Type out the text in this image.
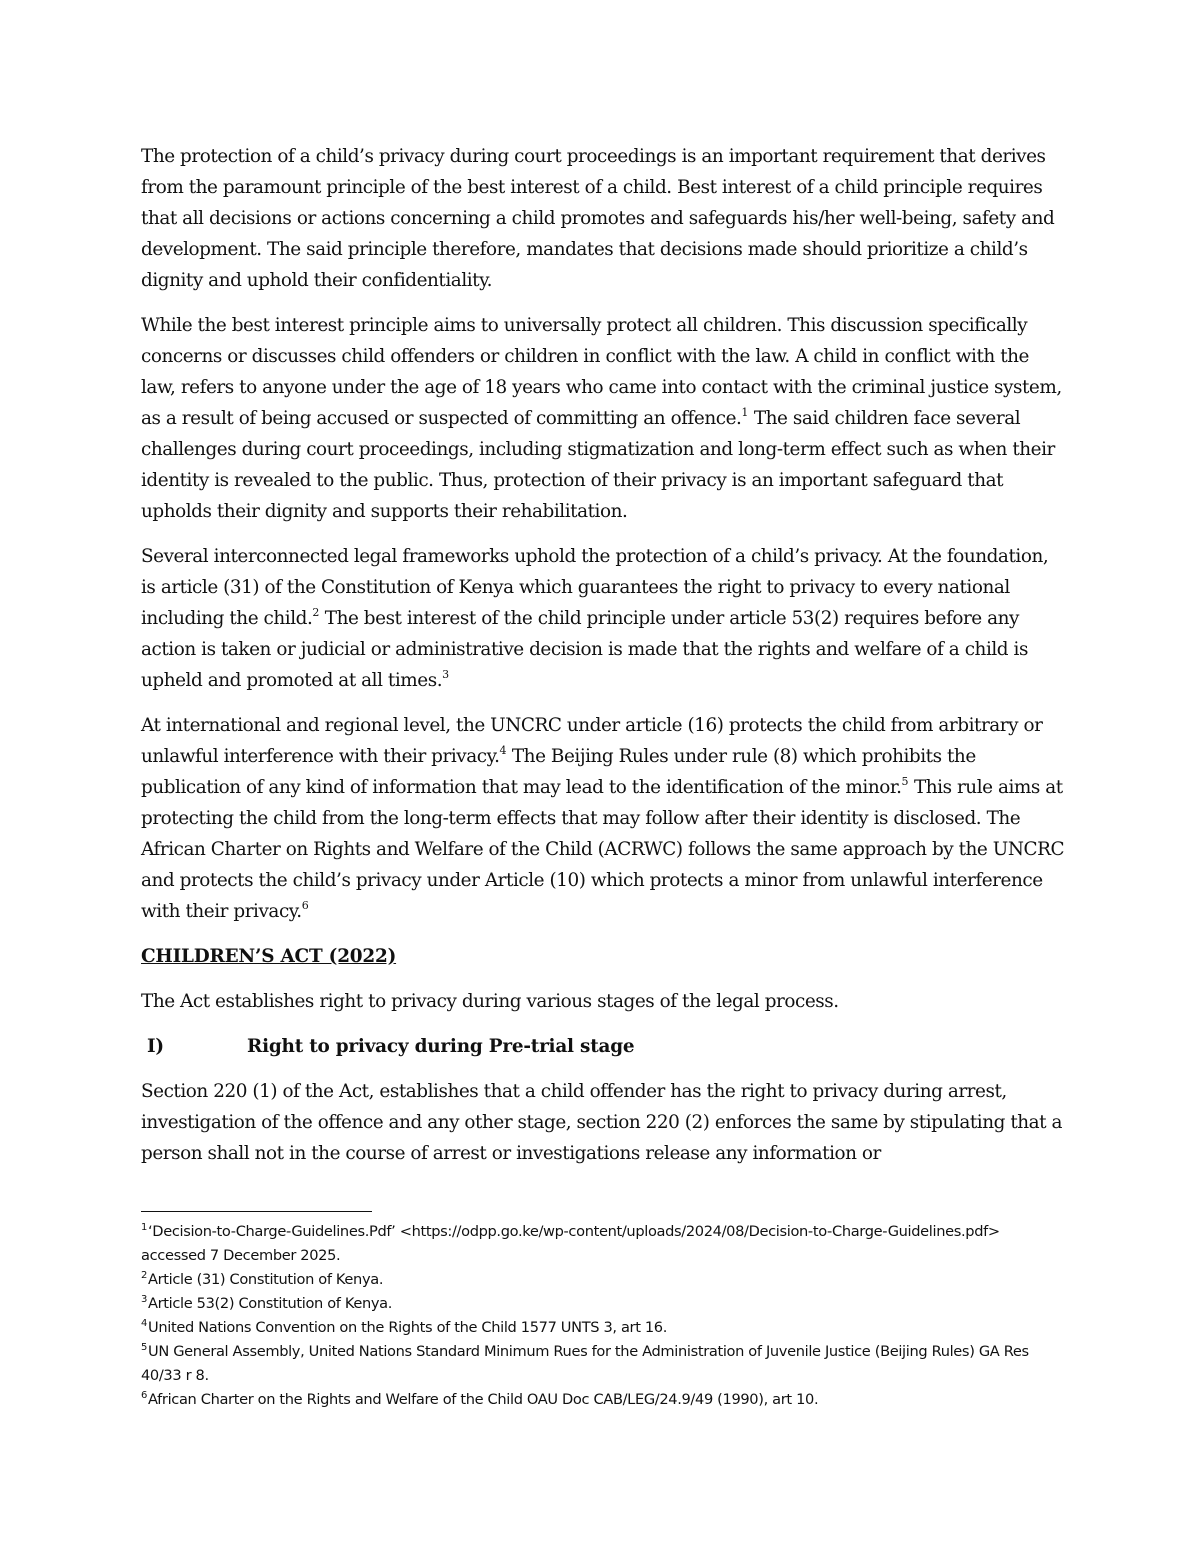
The protection of a child’s privacy during court proceedings is an important requirement that derives from the paramount principle of the best interest of a child. Best interest of a child principle requires that all decisions or actions concerning a child promotes and safeguards his/her well-being, safety and development. The said principle therefore, mandates that decisions made should prioritize a child’s dignity and uphold their confidentiality.

While the best interest principle aims to universally protect all children. This discussion specifically concerns or discusses child offenders or children in conflict with the law. A child in conflict with the law, refers to anyone under the age of 18 years who came into contact with the criminal justice system, as a result of being accused or suspected of committing an offence.$^1$ The said children face several challenges during court proceedings, including stigmatization and long-term effect such as when their identity is revealed to the public. Thus, protection of their privacy is an important safeguard that upholds their dignity and supports their rehabilitation.

Several interconnected legal frameworks uphold the protection of a child’s privacy. At the foundation, is article (31) of the Constitution of Kenya which guarantees the right to privacy to every national including the child.$^2$ The best interest of the child principle under article 53(2) requires before any action is taken or judicial or administrative decision is made that the rights and welfare of a child is upheld and promoted at all times.$^3$

At international and regional level, the UNCRC under article (16) protects the child from arbitrary or unlawful interference with their privacy.$^4$ The Beijing Rules under rule (8) which prohibits the publication of any kind of information that may lead to the identification of the minor.$^5$ This rule aims at protecting the child from the long-term effects that may follow after their identity is disclosed. The African Charter on Rights and Welfare of the Child (ACRWC) follows the same approach by the UNCRC and protects the child’s privacy under Article (10) which protects a minor from unlawful interference with their privacy.$^6$

CHILDREN’S ACT (2022)

The Act establishes right to privacy during various stages of the legal process.

I)	Right to privacy during Pre-trial stage

Section 220 (1) of the Act, establishes that a child offender has the right to privacy during arrest, investigation of the offence and any other stage, section 220 (2) enforces the same by stipulating that a person shall not in the course of arrest or investigations release any information or

$^1$‘Decision-to-Charge-Guidelines.Pdf’ <https://odpp.go.ke/wp-content/uploads/2024/08/Decision-to-Charge-Guidelines.pdf> accessed 7 December 2025.
$^2$Article (31) Constitution of Kenya.
$^3$Article 53(2) Constitution of Kenya.
$^4$United Nations Convention on the Rights of the Child 1577 UNTS 3, art 16.
$^5$UN General Assembly, United Nations Standard Minimum Rues for the Administration of Juvenile Justice (Beijing Rules) GA Res 40/33 r 8.
$^6$African Charter on the Rights and Welfare of the Child OAU Doc CAB/LEG/24.9/49 (1990), art 10.
